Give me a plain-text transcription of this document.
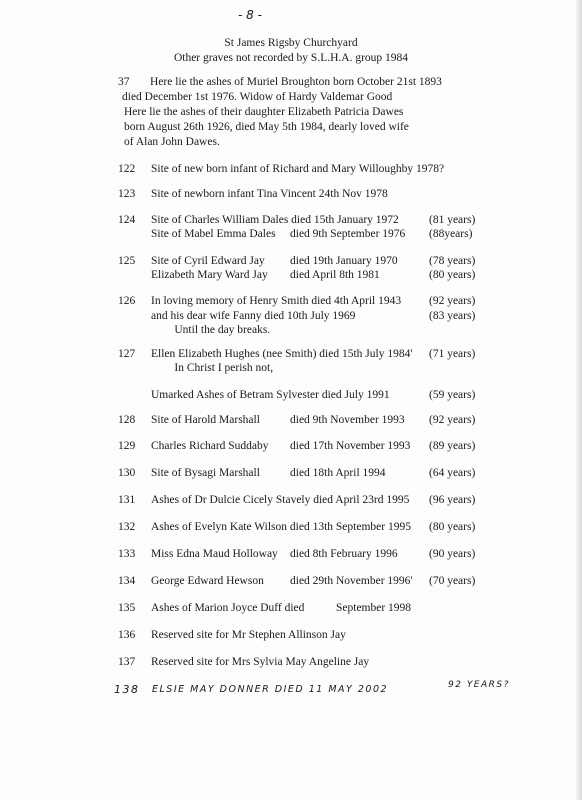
- 8 -
St James Rigsby Churchyard
Other graves not recorded by S.L.H.A. group 1984
37 Here lie the ashes of Muriel Broughton born October 21st 1893
died December 1st 1976. Widow of Hardy Valdemar Good
Here lie the ashes of their daughter Elizabeth Patricia Dawes
born August 26th 1926, died May 5th 1984, dearly loved wife
of Alan John Dawes.
122 Site of new born infant of Richard and Mary Willoughby 1978?
123 Site of newborn infant Tina Vincent 24th Nov 1978
124 Site of Charles William Dales died 15th January 1972	(81 years)
Site of Mabel Emma Dales died 9th September 1976 (88years)
125 Site of Cyril Edward Jay died 19th January 1970	(78 years)
Elizabeth Mary Ward Jay died April 8th 1981	(80 years)
126 In loving memory of Henry Smith died 4th April 1943 (92 years)
and his dear wife Fanny died 10th July 1969	(83 years)
Until the day breaks.
127 Ellen Elizabeth Hughes (nee Smith) died 15th July 1984' (71 years)
In Christ I perish not,
Umarked Ashes of Betram Sylvester died July 1991	(59 years)
128 Site of Harold Marshall	died 9th November 1993 (92 years)
129 Charles Richard Suddaby died 17th November 1993 (89 years)
130 Site of Bysagi Marshall	died 18th April 1994	(64 years)
131 Ashes of Dr Dulcie Cicely Stavely died April 23rd 1995 (96 years)
132 Ashes of Evelyn Kate Wilson died 13th September 1995 (80 years)
133 Miss Edna Maud Holloway died 8th February 1996	(90 years)
134 George Edward Hewson died 29th November 1996' (70 years)
135 Ashes of Marion Joyce Duff died	September 1998
136 Reserved site for Mr Stephen Allinson Jay
137 Reserved site for Mrs Sylvia May Angeline Jay
138 ELSIE MAY DONNER DIED 11 MAY 2002	92 YEARS?
